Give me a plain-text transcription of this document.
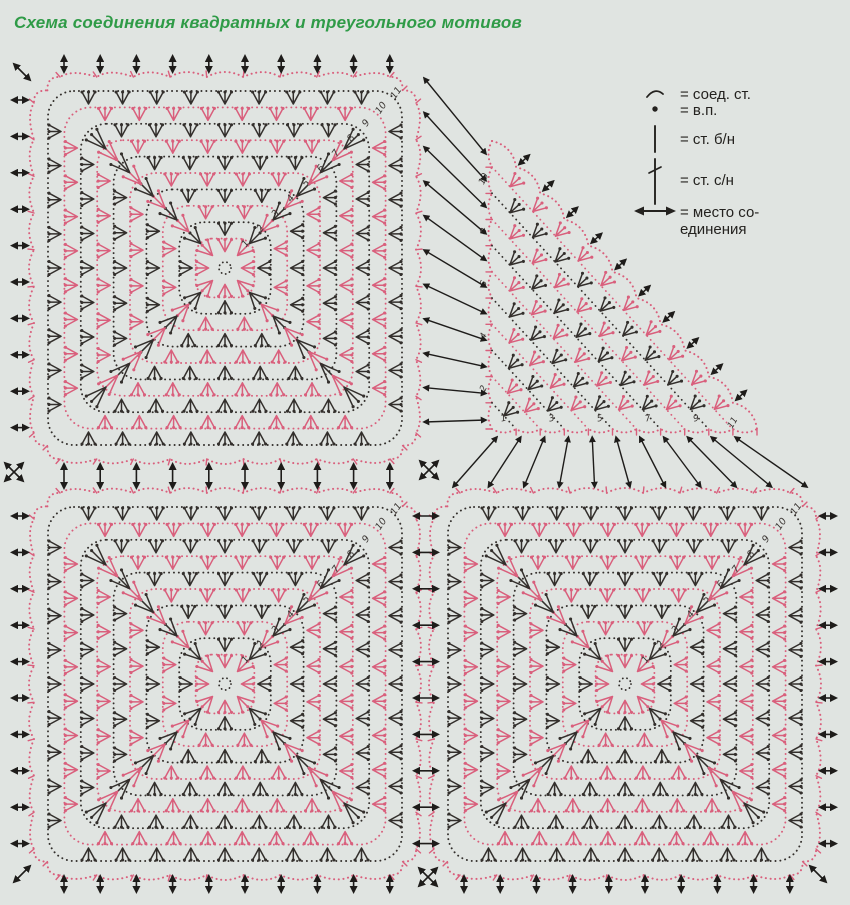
1
2
3
4
5
6
7
8
9
10
11
1
2
3
4
5
6
7
8
9
10
11
1
2
3
4
5
6
7
8
9
10
11
10
8
6
4
2
1	3	5	7	9	11
Схема соединения квадратных и треугольного мотивов
= соед. ст.
= в.п.
= ст. б/н
= ст. с/н
= место со-
единения
